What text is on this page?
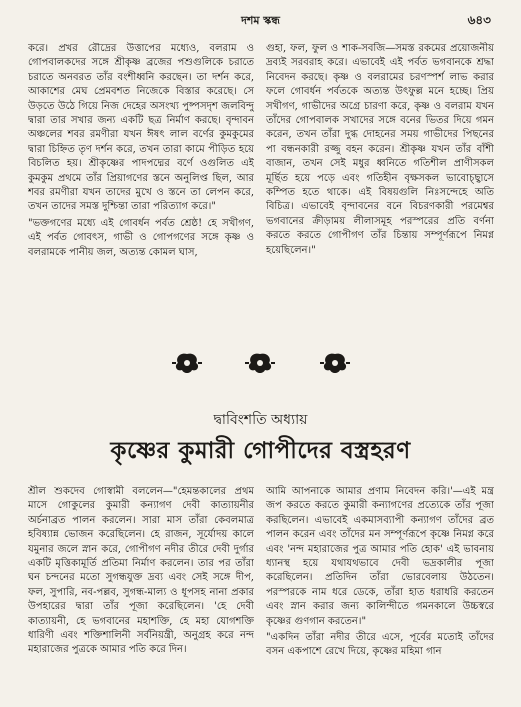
দশম স্কন্ধ	৬৪৩

করে। প্রখর রৌদ্রের উত্তাপের মধ্যেও, বলরাম ও গোপবালকদের সঙ্গে শ্রীকৃষ্ণ ব্রজের পশুগুলিকে চরাতে চরাতে অনবরত তাঁর বংশীধ্বনি করছেন। তা দর্শন করে, আকাশের মেঘ প্রেমবশত নিজেকে বিস্তার করেছে। সে উড়তে উঠে গিয়ে নিজ দেহের অসংখ্য পুষ্পসদৃশ জলবিন্দু দ্বারা তার সখার জন্য একটি ছত্র নির্মাণ করছে। বৃন্দাবন অঞ্চলের শবর রমণীরা যখন ঈষৎ লাল বর্ণের কুমকুমের দ্বারা চিহ্নিত তৃণ দর্শন করে, তখন তারা কামে পীড়িত হয়ে বিচলিত হয়। শ্রীকৃষ্ণের পাদপদ্মের বর্ণে ওগুলিত এই কুমকুম প্রথমে তাঁর প্রিয়াগণের স্তনে অনুলিপ্ত ছিল, আর শবর রমণীরা যখন তাদের মুখে ও স্তনে তা লেপন করে, তখন তাদের সমস্ত দুশ্চিন্তা তারা পরিত্যাগ করে।"

"ভক্তগণের মধ্যে এই গোবর্ধন পর্বত শ্রেষ্ঠ! হে সখীগণ, এই পর্বত গোবৎস, গাভী ও গোপগণের সঙ্গে কৃষ্ণ ও বলরামকে পানীয় জল, অত্যন্ত কোমল ঘাস,

গুহা, ফল, ফুল ও শাক-সবজি—সমস্ত রকমের প্রয়োজনীয় দ্রব্যই সরবরাহ করে। এভাবেই এই পর্বত ভগবানকে শ্রদ্ধা নিবেদন করছে। কৃষ্ণ ও বলরামের চরণস্পর্শ লাভ করার ফলে গোবর্ধন পর্বতকে অত্যন্ত উৎফুল্ল মনে হচ্ছে। প্রিয় সখীগণ, গাভীদের অগ্রে চারণা করে, কৃষ্ণ ও বলরাম যখন তাঁদের গোপবালক সখাদের সঙ্গে বনের ভিতর দিয়ে গমন করেন, তখন তাঁরা দুগ্ধ দোহনের সময় গাভীদের পিছনের পা বন্ধনকারী রজ্জু বহন করেন। শ্রীকৃষ্ণ যখন তাঁর বাঁশী বাজান, তখন সেই মধুর ধ্বনিতে গতিশীল প্রাণীসকল মূর্ছিত হয়ে পড়ে এবং গতিহীন বৃক্ষসকল ভাবোচ্ছ্বাসে কম্পিত হতে থাকে। এই বিষয়গুলি নিঃসন্দেহে অতি বিচিত্র। এভাবেই বৃন্দাবনের বনে বিচরণকারী পরমেশ্বর ভগবানের ক্রীড়াময় লীলাসমূহ পরস্পরের প্রতি বর্ণনা করতে করতে গোপীগণ তাঁর চিন্তায় সম্পূর্ণরূপে নিমগ্ন হয়েছিলেন।"

দ্বাবিংশতি অধ্যায়
কৃষ্ণের কুমারী গোপীদের বস্ত্রহরণ

শ্রীল শুকদেব গোস্বামী বললেন—"হেমন্তকালের প্রথম মাসে গোকুলের কুমারী কন্যাগণ দেবী কাত্যায়নীর অর্চনাব্রত পালন করলেন। সারা মাস তাঁরা কেবলমাত্র হবিষ্যান্ন ভোজন করেছিলেন। হে রাজন, সূর্যোদয় কালে যমুনার জলে স্নান করে, গোপীগণ নদীর তীরে দেবী দুর্গার একটি মৃত্তিকামূর্তি প্রতিমা নির্মাণ করলেন। তার পর তাঁরা ঘন চন্দনের মতো সুগন্ধযুক্ত দ্রব্য এবং সেই সঙ্গে দীপ, ফল, সুপারি, নব-পল্লব, সুগন্ধ-মাল্য ও ধূপসহ নানা প্রকার উপহারের দ্বারা তাঁর পূজা করেছিলেন। 'হে দেবী কাত্যায়নী, হে ভগবানের মহাশক্তি, হে মহা যোগশক্তি ধারিণী এবং শক্তিশালিনী সর্বনিয়ন্ত্রী, অনুগ্রহ করে নন্দ মহারাজের পুত্রকে আমার পতি করে দিন।

আমি আপনাকে আমার প্রণাম নিবেদন করি।'—এই মন্ত্র জপ করতে করতে কুমারী কন্যাগণের প্রত্যেকে তাঁর পূজা করছিলেন। এভাবেই একমাসব্যাপী কন্যাগণ তাঁদের ব্রত পালন করেন এবং তাঁদের মন সম্পূর্ণরূপে কৃষ্ণে নিমগ্ন করে এবং 'নন্দ মহারাজের পুত্র আমার পতি হোক' এই ভাবনায় ধ্যানস্থ হয়ে যথাযথভাবে দেবী ভদ্রকালীর পূজা করেছিলেন। প্রতিদিন তাঁরা ভোরবেলায় উঠতেন। পরস্পরকে নাম ধরে ডেকে, তাঁরা হাত ধরাধরি করতেন এবং স্নান করার জন্য কালিন্দীতে গমনকালে উচ্চস্বরে কৃষ্ণের গুণগান করতেন।"

"একদিন তাঁরা নদীর তীরে এসে, পূর্বের মতোই তাঁদের বসন একপাশে রেখে দিয়ে, কৃষ্ণের মহিমা গান
